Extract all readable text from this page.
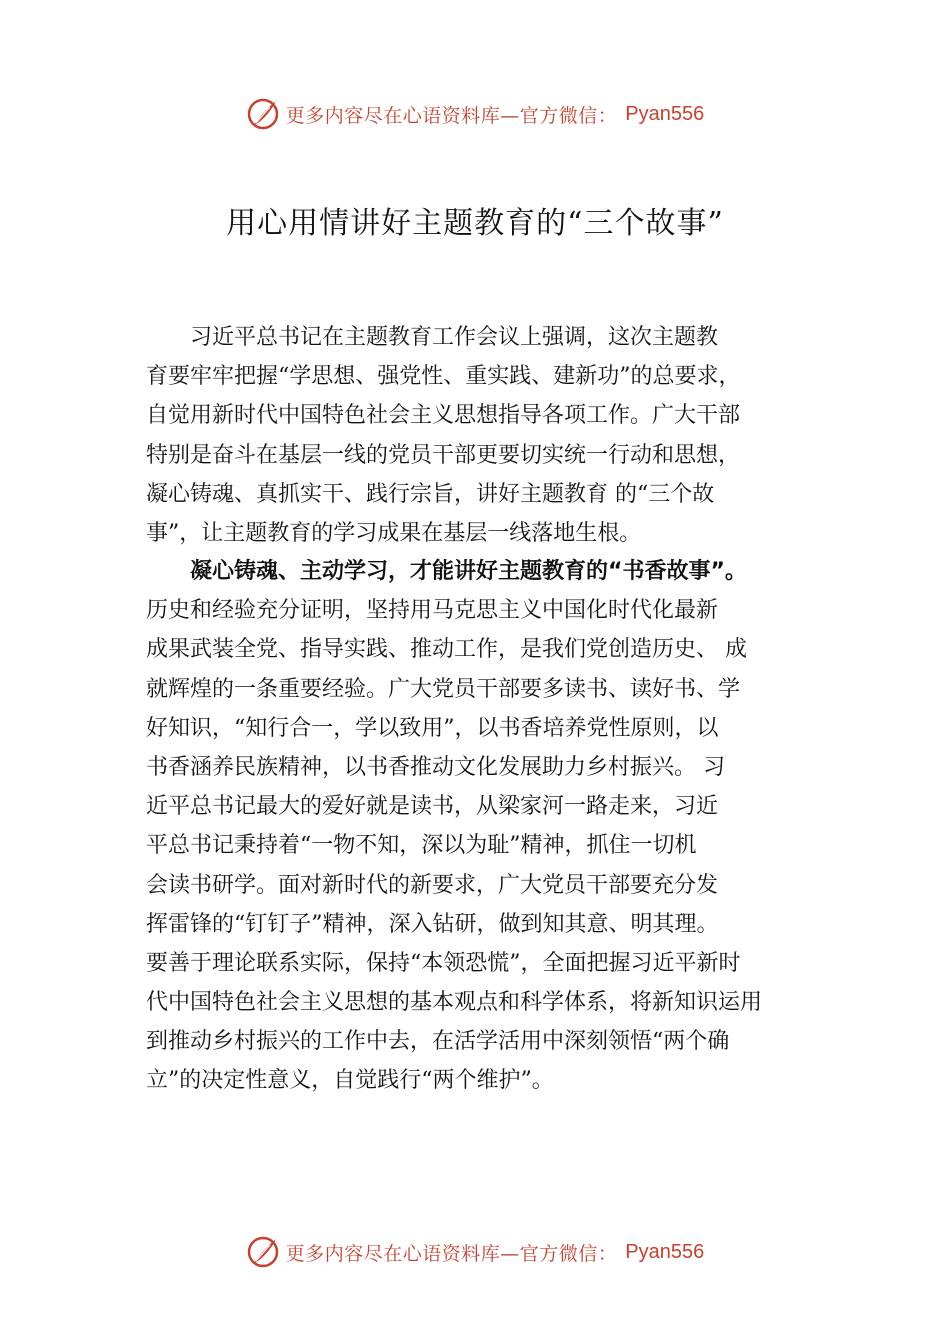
更多内容尽在心语资料库—官方微信： Pyan556
用心用情讲好主题教育的“三个故事”
　　习近平总书记在主题教育工作会议上强调，这次主题教
育要牢牢把握“学思想、强党性、重实践、建新功”的总要求，
自觉用新时代中国特色社会主义思想指导各项工作。广大干部
特别是奋斗在基层一线的党员干部更要切实统一行动和思想，
凝心铸魂、真抓实干、践行宗旨，讲好主题教育 的“三个故
事”，让主题教育的学习成果在基层一线落地生根。
　　凝心铸魂、主动学习，才能讲好主题教育的“书香故事”。
历史和经验充分证明，坚持用马克思主义中国化时代化最新
成果武装全党、指导实践、推动工作，是我们党创造历史、 成
就辉煌的一条重要经验。广大党员干部要多读书、读好书、学
好知识，“知行合一，学以致用”，以书香培养党性原则，以
书香涵养民族精神，以书香推动文化发展助力乡村振兴。 习
近平总书记最大的爱好就是读书，从梁家河一路走来，习近
平总书记秉持着“一物不知，深以为耻”精神，抓住一切机
会读书研学。面对新时代的新要求，广大党员干部要充分发
挥雷锋的“钉钉子”精神，深入钻研，做到知其意、明其理。
要善于理论联系实际，保持“本领恐慌”，全面把握习近平新时
代中国特色社会主义思想的基本观点和科学体系，将新知识运用
到推动乡村振兴的工作中去，在活学活用中深刻领悟“两个确
立”的决定性意义，自觉践行“两个维护”。
更多内容尽在心语资料库—官方微信： Pyan556
